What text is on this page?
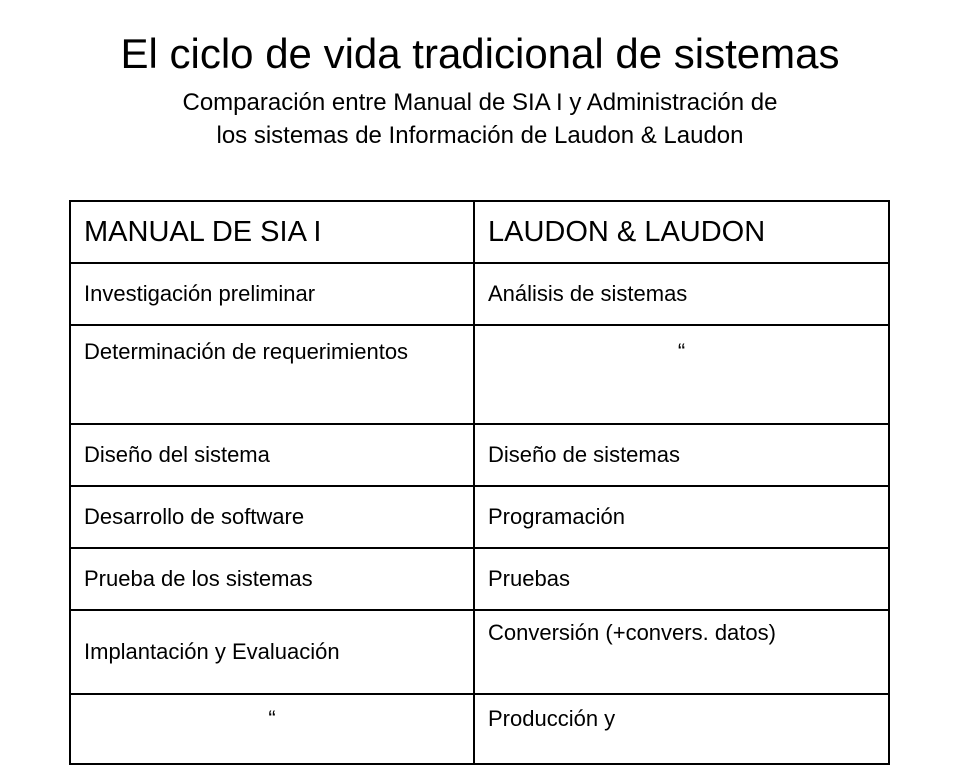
El ciclo de vida tradicional de sistemas
Comparación entre Manual de SIA I y Administración de
los sistemas de Información de Laudon & Laudon
MANUAL DE SIA I	LAUDON & LAUDON
Investigación preliminar	Análisis de sistemas
Determinación de requerimientos	“
Diseño del sistema	Diseño de sistemas
Desarrollo de software	Programación
Prueba de los sistemas	Pruebas
Implantación y Evaluación	Conversión (+convers. datos)
“	Producción y
